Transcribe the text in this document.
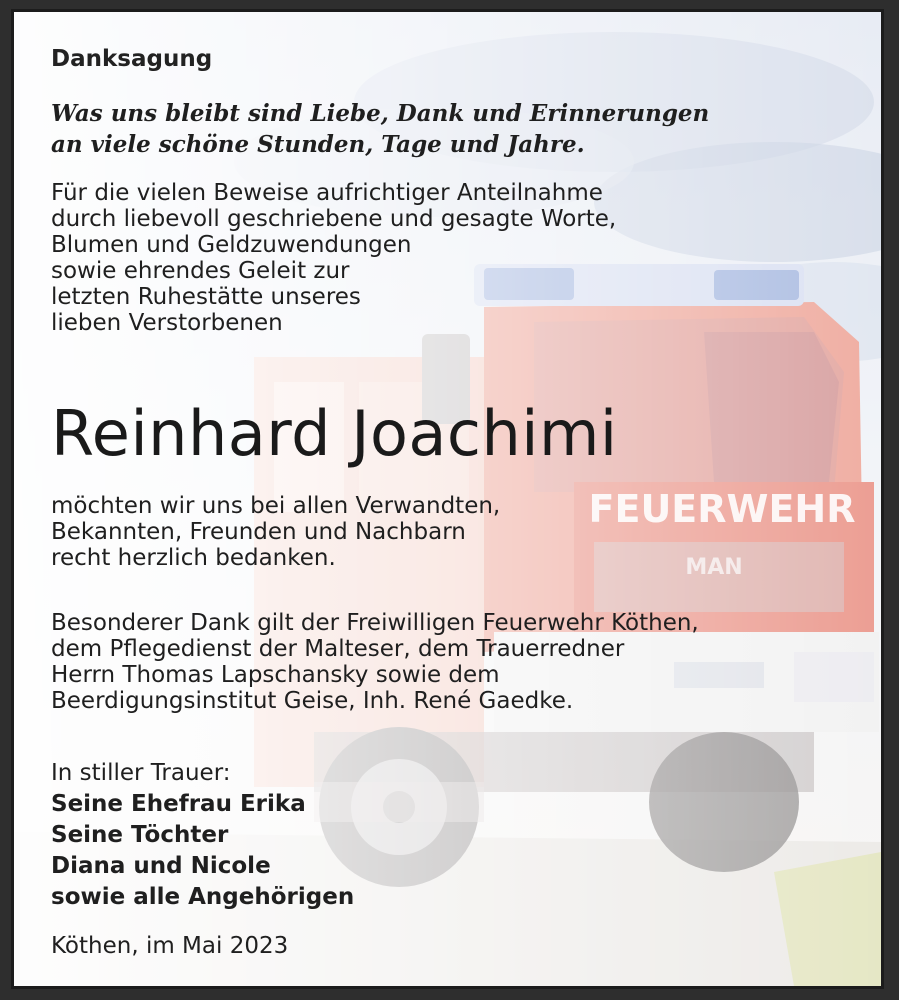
Danksagung
Was uns bleibt sind Liebe, Dank und Erinnerungen
an viele schöne Stunden, Tage und Jahre.
Für die vielen Beweise aufrichtiger Anteilnahme
durch liebevoll geschriebene und gesagte Worte,
Blumen und Geldzuwendungen
sowie ehrendes Geleit zur
letzten Ruhestätte unseres
lieben Verstorbenen
Reinhard Joachimi
möchten wir uns bei allen Verwandten,
Bekannten, Freunden und Nachbarn
recht herzlich bedanken.
Besonderer Dank gilt der Freiwilligen Feuerwehr Köthen,
dem Pflegedienst der Malteser, dem Trauerredner
Herrn Thomas Lapschansky sowie dem
Beerdigungsinstitut Geise, Inh. René Gaedke.
In stiller Trauer:
Seine Ehefrau Erika
Seine Töchter
Diana und Nicole
sowie alle Angehörigen
Köthen, im Mai 2023
